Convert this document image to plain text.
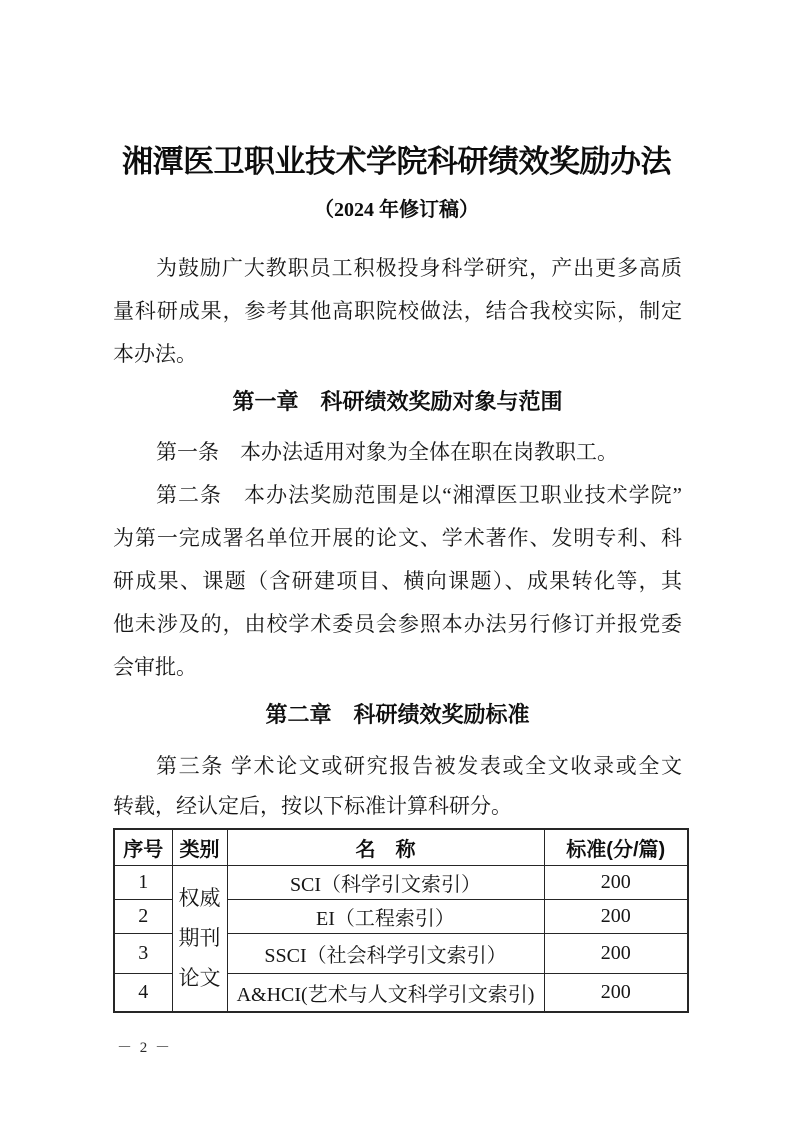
湘潭医卫职业技术学院科研绩效奖励办法
（2024 年修订稿）
为鼓励广大教职员工积极投身科学研究，产出更多高质
量科研成果，参考其他高职院校做法，结合我校实际，制定
本办法。
第一章　科研绩效奖励对象与范围
第一条　本办法适用对象为全体在职在岗教职工。
第二条　本办法奖励范围是以“湘潭医卫职业技术学院”
为第一完成署名单位开展的论文、学术著作、发明专利、科
研成果、课题（含研建项目、横向课题）、成果转化等，其
他未涉及的，由校学术委员会参照本办法另行修订并报党委
会审批。
第二章　科研绩效奖励标准
第三条 学术论文或研究报告被发表或全文收录或全文
转载，经认定后，按以下标准计算科研分。
序号	类别	名　称	标准(分/篇)
1	权威期刊论文	SCI（科学引文索引）	200
2		EI（工程索引）	200
3		SSCI（社会科学引文索引）	200
4		A&HCI(艺术与人文科学引文索引)	200
－ 2 －
